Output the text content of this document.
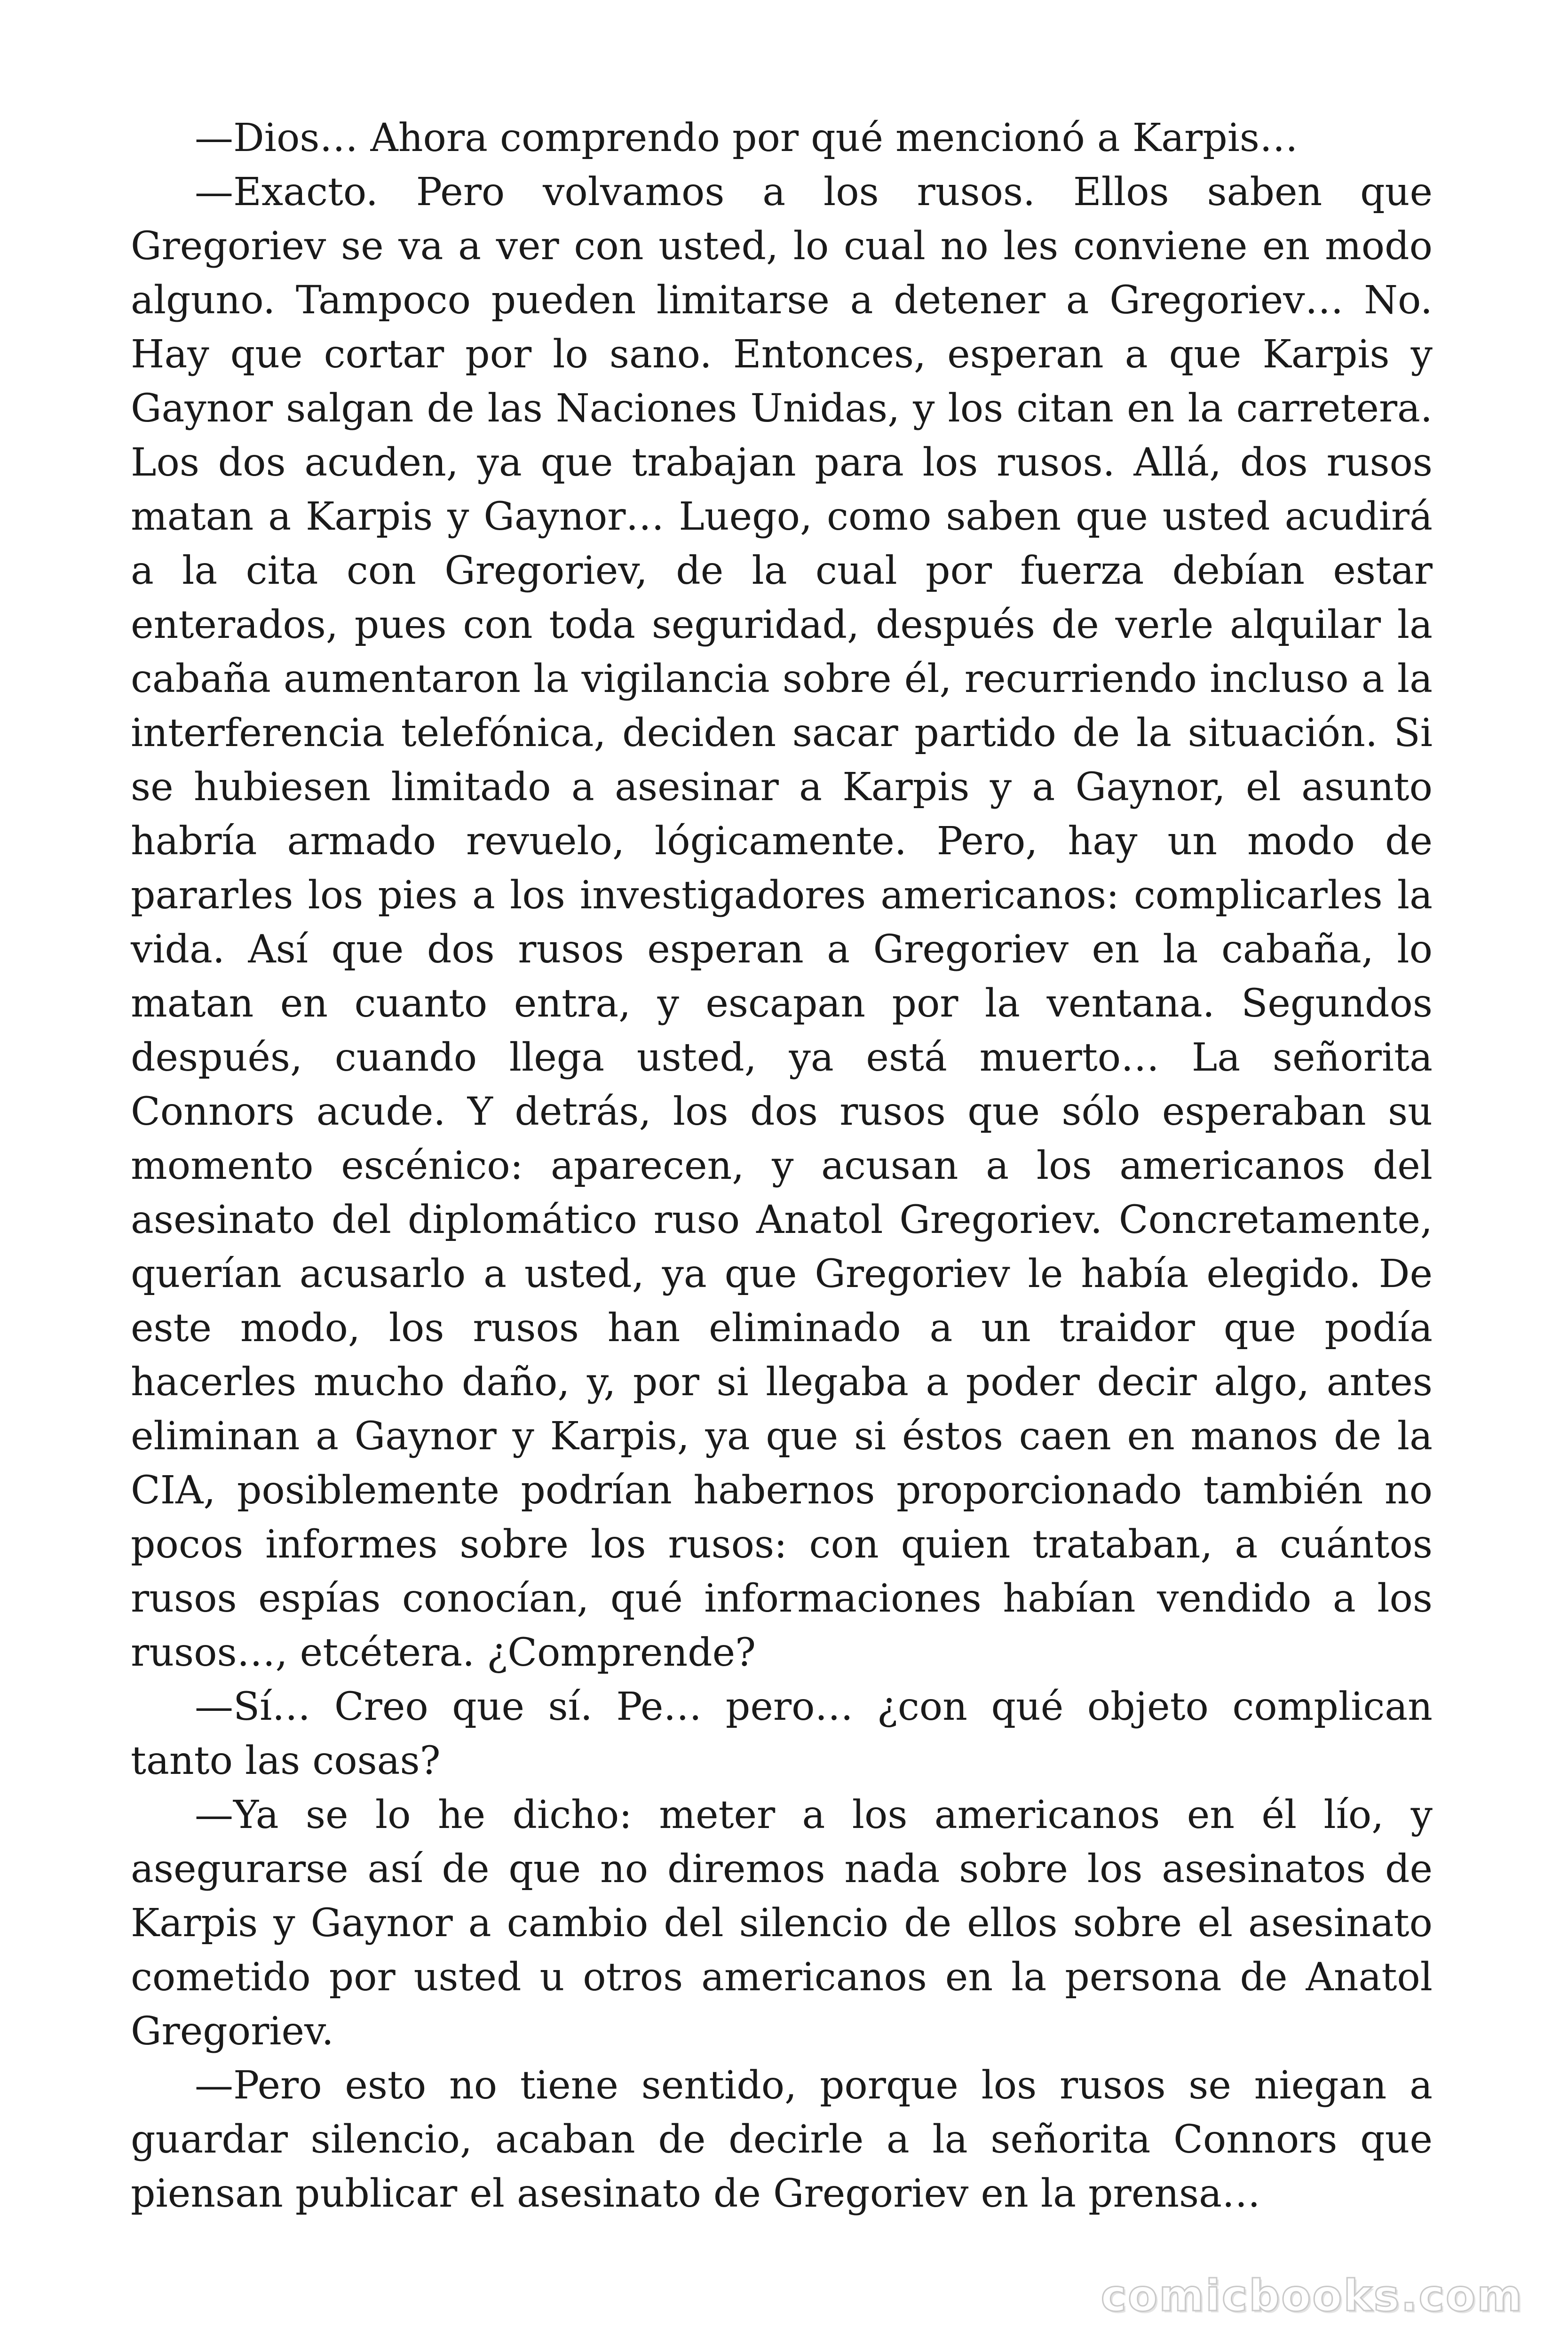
—Dios… Ahora comprendo por qué mencionó a Karpis…

—Exacto. Pero volvamos a los rusos. Ellos saben que Gregoriev se va a ver con usted, lo cual no les conviene en modo alguno. Tampoco pueden limitarse a detener a Gregoriev… No. Hay que cortar por lo sano. Entonces, esperan a que Karpis y Gaynor salgan de las Naciones Unidas, y los citan en la carretera. Los dos acuden, ya que trabajan para los rusos. Allá, dos rusos matan a Karpis y Gaynor… Luego, como saben que usted acudirá a la cita con Gregoriev, de la cual por fuerza debían estar enterados, pues con toda seguridad, después de verle alquilar la cabaña aumentaron la vigilancia sobre él, recurriendo incluso a la interferencia telefónica, deciden sacar partido de la situación. Si se hubiesen limitado a asesinar a Karpis y a Gaynor, el asunto habría armado revuelo, lógicamente. Pero, hay un modo de pararles los pies a los investigadores americanos: complicarles la vida. Así que dos rusos esperan a Gregoriev en la cabaña, lo matan en cuanto entra, y escapan por la ventana. Segundos después, cuando llega usted, ya está muerto… La señorita Connors acude. Y detrás, los dos rusos que sólo esperaban su momento escénico: aparecen, y acusan a los americanos del asesinato del diplomático ruso Anatol Gregoriev. Concretamente, querían acusarlo a usted, ya que Gregoriev le había elegido. De este modo, los rusos han eliminado a un traidor que podía hacerles mucho daño, y, por si llegaba a poder decir algo, antes eliminan a Gaynor y Karpis, ya que si éstos caen en manos de la CIA, posiblemente podrían habernos proporcionado también no pocos informes sobre los rusos: con quien trataban, a cuántos rusos espías conocían, qué informaciones habían vendido a los rusos…, etcétera. ¿Comprende?

—Sí… Creo que sí. Pe… pero… ¿con qué objeto complican tanto las cosas?

—Ya se lo he dicho: meter a los americanos en él lío, y asegurarse así de que no diremos nada sobre los asesinatos de Karpis y Gaynor a cambio del silencio de ellos sobre el asesinato cometido por usted u otros americanos en la persona de Anatol Gregoriev.

—Pero esto no tiene sentido, porque los rusos se niegan a guardar silencio, acaban de decirle a la señorita Connors que piensan publicar el asesinato de Gregoriev en la prensa…

comicbooks.com
